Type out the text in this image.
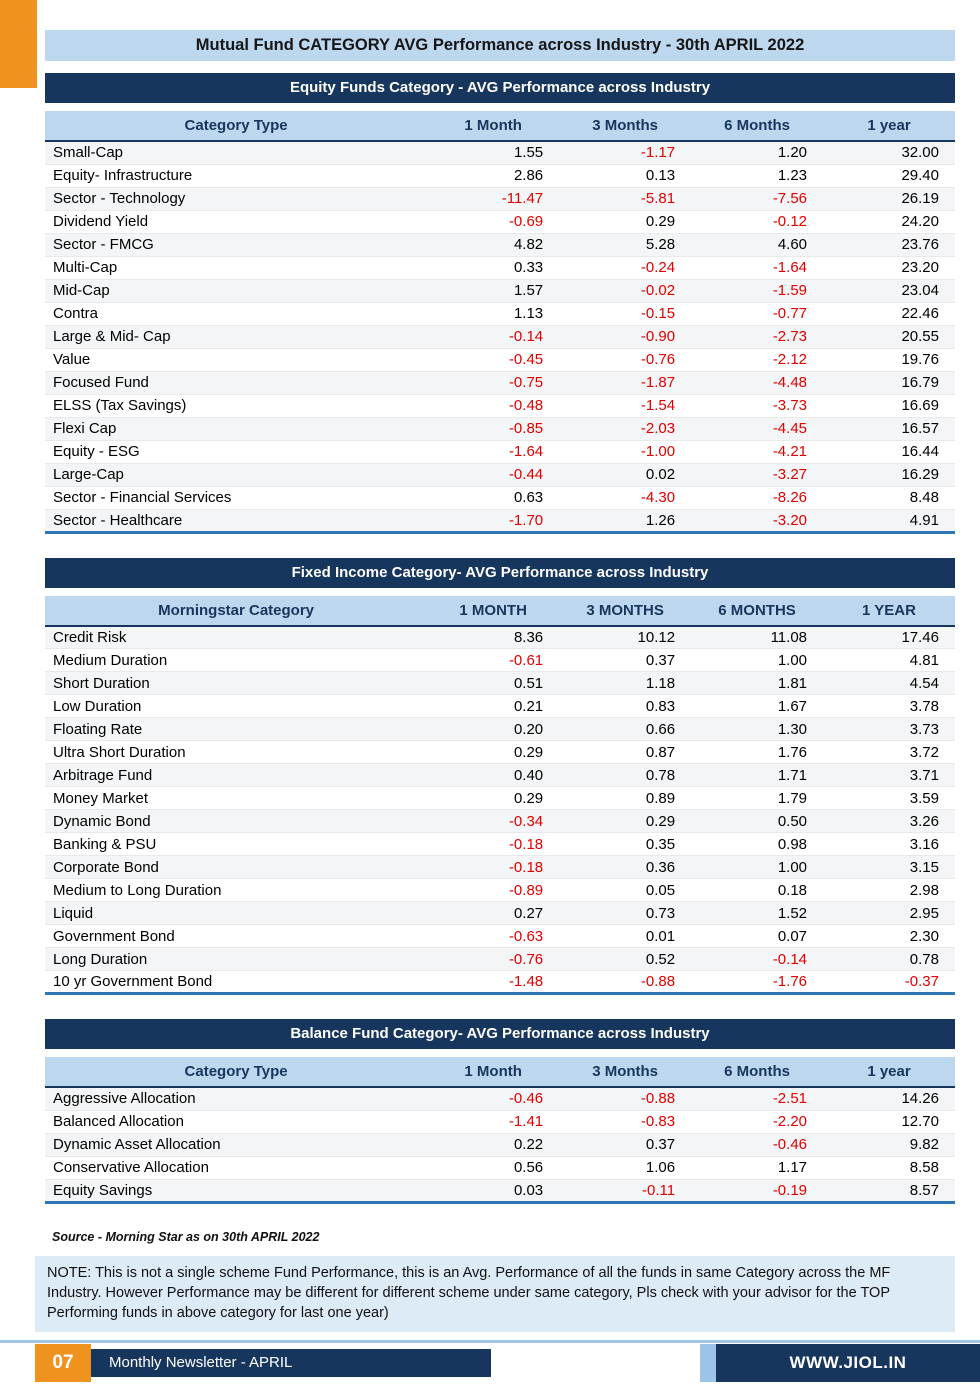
Mutual Fund CATEGORY AVG Performance across Industry - 30th APRIL 2022
Equity Funds Category - AVG Performance across Industry
Category Type	1 Month	3 Months	6 Months	1 year
Small-Cap	1.55	-1.17	1.20	32.00
Equity- Infrastructure	2.86	0.13	1.23	29.40
Sector - Technology	-11.47	-5.81	-7.56	26.19
Dividend Yield	-0.69	0.29	-0.12	24.20
Sector - FMCG	4.82	5.28	4.60	23.76
Multi-Cap	0.33	-0.24	-1.64	23.20
Mid-Cap	1.57	-0.02	-1.59	23.04
Contra	1.13	-0.15	-0.77	22.46
Large & Mid- Cap	-0.14	-0.90	-2.73	20.55
Value	-0.45	-0.76	-2.12	19.76
Focused Fund	-0.75	-1.87	-4.48	16.79
ELSS (Tax Savings)	-0.48	-1.54	-3.73	16.69
Flexi Cap	-0.85	-2.03	-4.45	16.57
Equity - ESG	-1.64	-1.00	-4.21	16.44
Large-Cap	-0.44	0.02	-3.27	16.29
Sector - Financial Services	0.63	-4.30	-8.26	8.48
Sector - Healthcare	-1.70	1.26	-3.20	4.91
Fixed Income Category- AVG Performance across Industry
Morningstar Category	1 MONTH	3 MONTHS	6 MONTHS	1 YEAR
Credit Risk	8.36	10.12	11.08	17.46
Medium Duration	-0.61	0.37	1.00	4.81
Short Duration	0.51	1.18	1.81	4.54
Low Duration	0.21	0.83	1.67	3.78
Floating Rate	0.20	0.66	1.30	3.73
Ultra Short Duration	0.29	0.87	1.76	3.72
Arbitrage Fund	0.40	0.78	1.71	3.71
Money Market	0.29	0.89	1.79	3.59
Dynamic Bond	-0.34	0.29	0.50	3.26
Banking & PSU	-0.18	0.35	0.98	3.16
Corporate Bond	-0.18	0.36	1.00	3.15
Medium to Long Duration	-0.89	0.05	0.18	2.98
Liquid	0.27	0.73	1.52	2.95
Government Bond	-0.63	0.01	0.07	2.30
Long Duration	-0.76	0.52	-0.14	0.78
10 yr Government Bond	-1.48	-0.88	-1.76	-0.37
Balance Fund Category- AVG Performance across Industry
Category Type	1 Month	3 Months	6 Months	1 year
Aggressive Allocation	-0.46	-0.88	-2.51	14.26
Balanced Allocation	-1.41	-0.83	-2.20	12.70
Dynamic Asset Allocation	0.22	0.37	-0.46	9.82
Conservative Allocation	0.56	1.06	1.17	8.58
Equity Savings	0.03	-0.11	-0.19	8.57
Source - Morning Star as on 30th APRIL 2022
NOTE: This is not a single scheme Fund Performance, this is an Avg. Performance of all the funds in same Category across the MF Industry. However Performance may be different for different scheme under same category, Pls check with your advisor for the TOP Performing funds in above category for last one year)
07	Monthly Newsletter - APRIL	WWW.JIOL.IN
